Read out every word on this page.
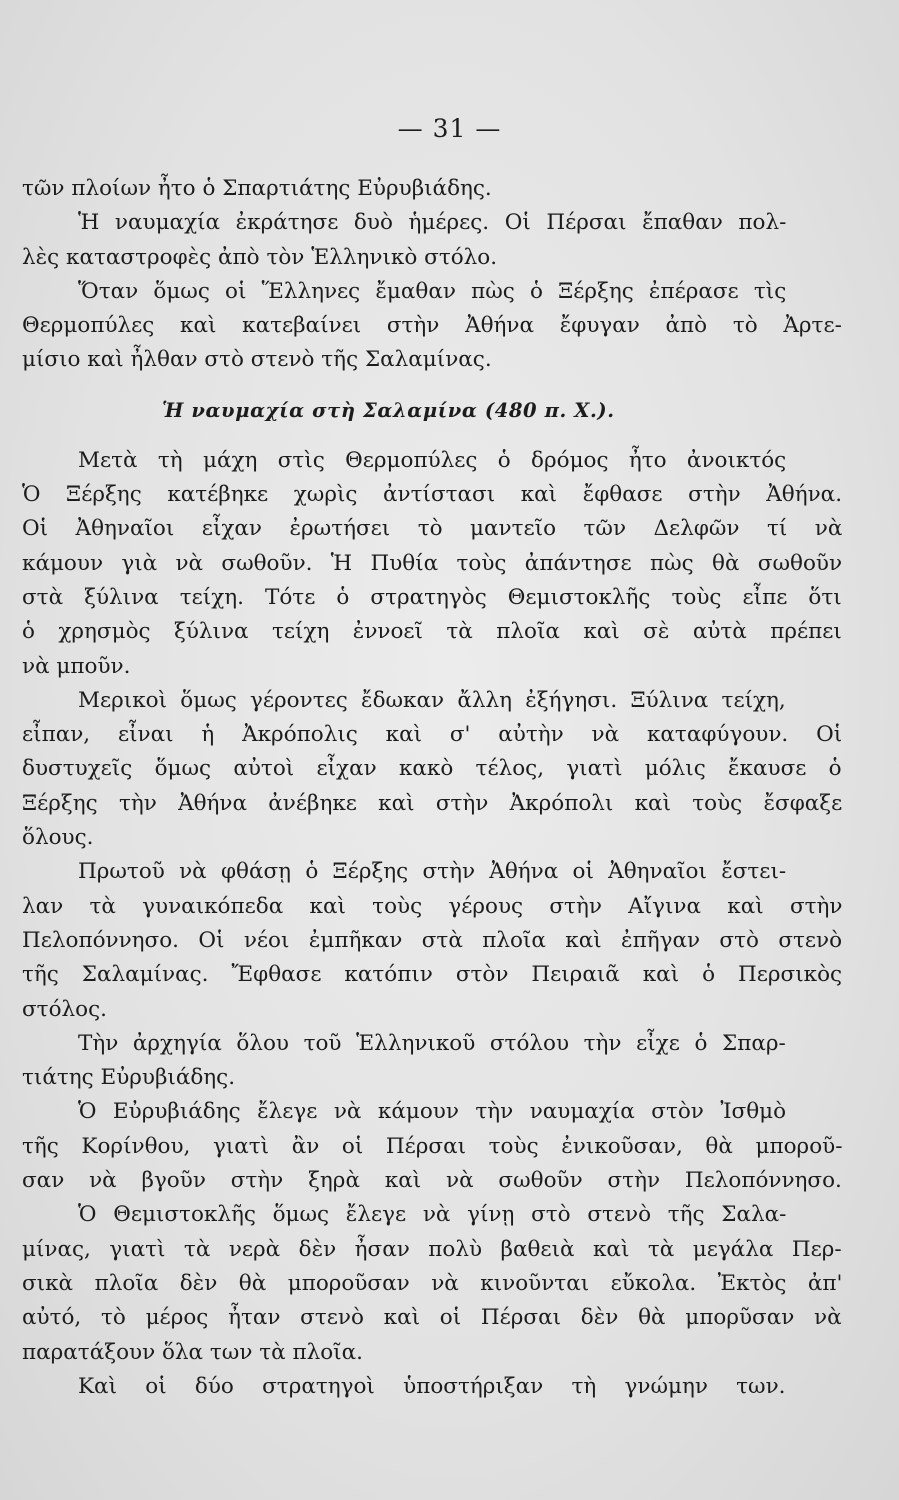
— 31 —
τῶν πλοίων ἦτο ὁ Σπαρτιάτης Εὐρυβιάδης.
Ἡ ναυμαχία ἐκράτησε δυὸ ἡμέρες. Οἱ Πέρσαι ἔπαθαν πολ-
λὲς καταστροφὲς ἀπὸ τὸν Ἑλληνικὸ στόλο.
Ὅταν ὅμως οἱ Ἕλληνες ἔμαθαν πὼς ὁ Ξέρξης ἐπέρασε τὶς
Θερμοπύλες καὶ κατεβαίνει στὴν Ἀθήνα ἔφυγαν ἀπὸ τὸ Ἀρτε-
μίσιο καὶ ἦλθαν στὸ στενὸ τῆς Σαλαμίνας.
Ἡ ναυμαχία στὴ Σαλαμίνα (480 π. Χ.).
Μετὰ τὴ μάχη στὶς Θερμοπύλες ὁ δρόμος ἦτο ἀνοικτός
Ὁ Ξέρξης κατέβηκε χωρὶς ἀντίστασι καὶ ἔφθασε στὴν Ἀθήνα.
Οἱ Ἀθηναῖοι εἶχαν ἐρωτήσει τὸ μαντεῖο τῶν Δελφῶν τί νὰ
κάμουν γιὰ νὰ σωθοῦν. Ἡ Πυθία τοὺς ἀπάντησε πὼς θὰ σωθοῦν
στὰ ξύλινα τείχη. Τότε ὁ στρατηγὸς Θεμιστοκλῆς τοὺς εἶπε ὅτι
ὁ χρησμὸς ξύλινα τείχη ἐννοεῖ τὰ πλοῖα καὶ σὲ αὐτὰ πρέπει
νὰ μποῦν.
Μερικοὶ ὅμως γέροντες ἔδωκαν ἄλλη ἐξήγησι. Ξύλινα τείχη,
εἶπαν, εἶναι ἡ Ἀκρόπολις καὶ σ' αὐτὴν νὰ καταφύγουν. Οἱ
δυστυχεῖς ὅμως αὐτοὶ εἶχαν κακὸ τέλος, γιατὶ μόλις ἔκαυσε ὁ
Ξέρξης τὴν Ἀθήνα ἀνέβηκε καὶ στὴν Ἀκρόπολι καὶ τοὺς ἔσφαξε
ὅλους.
Πρωτοῦ νὰ φθάσῃ ὁ Ξέρξης στὴν Ἀθήνα οἱ Ἀθηναῖοι ἔστει-
λαν τὰ γυναικόπεδα καὶ τοὺς γέρους στὴν Αἴγινα καὶ στὴν
Πελοπόννησο. Οἱ νέοι ἐμπῆκαν στὰ πλοῖα καὶ ἐπῆγαν στὸ στενὸ
τῆς Σαλαμίνας. Ἔφθασε κατόπιν στὸν Πειραιᾶ καὶ ὁ Περσικὸς
στόλος.
Τὴν ἀρχηγία ὅλου τοῦ Ἑλληνικοῦ στόλου τὴν εἶχε ὁ Σπαρ-
τιάτης Εὐρυβιάδης.
Ὁ Εὐρυβιάδης ἔλεγε νὰ κάμουν τὴν ναυμαχία στὸν Ἰσθμὸ
τῆς Κορίνθου, γιατὶ ἂν οἱ Πέρσαι τοὺς ἐνικοῦσαν, θὰ μποροῦ-
σαν νὰ βγοῦν στὴν ξηρὰ καὶ νὰ σωθοῦν στὴν Πελοπόννησο.
Ὁ Θεμιστοκλῆς ὅμως ἔλεγε νὰ γίνῃ στὸ στενὸ τῆς Σαλα-
μίνας, γιατὶ τὰ νερὰ δὲν ἦσαν πολὺ βαθειὰ καὶ τὰ μεγάλα Περ-
σικὰ πλοῖα δὲν θὰ μποροῦσαν νὰ κινοῦνται εὔκολα. Ἐκτὸς ἀπ'
αὐτό, τὸ μέρος ἦταν στενὸ καὶ οἱ Πέρσαι δὲν θὰ μπορῦσαν νὰ
παρατάξουν ὅλα των τὰ πλοῖα.
Καὶ οἱ δύο στρατηγοὶ ὑποστήριξαν τὴ γνώμην των.
